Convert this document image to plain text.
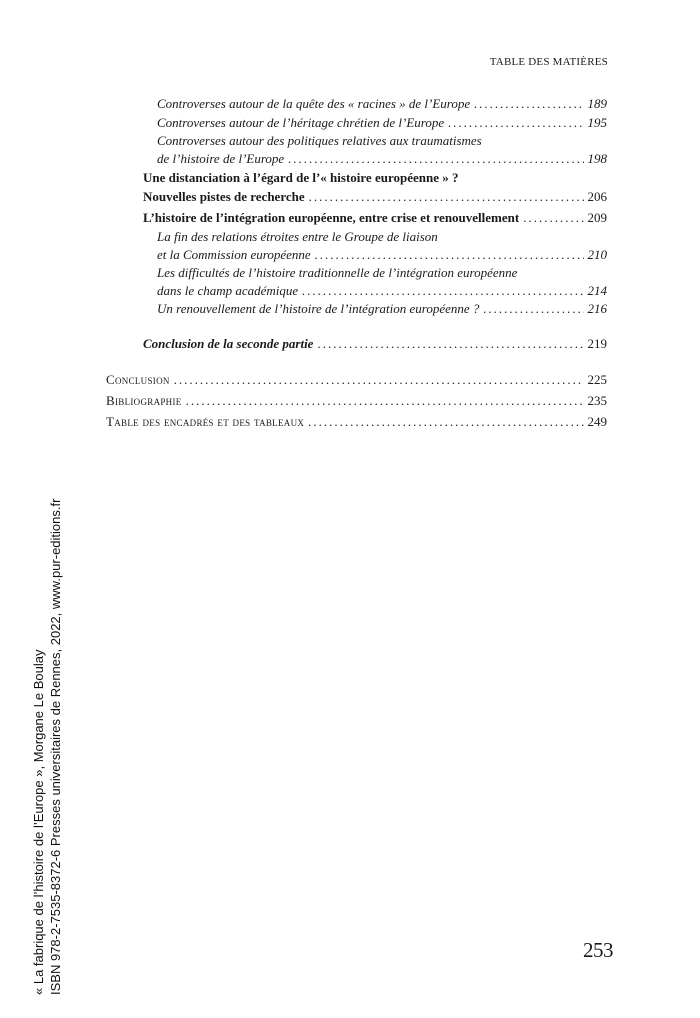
TABLE DES MATIÈRES
Controverses autour de la quête des « racines » de l’Europe .....	189
Controverses autour de l’héritage chrétien de l’Europe .....	195
Controverses autour des politiques relatives aux traumatismes
de l’histoire de l’Europe .....	198
Une distanciation à l’égard de l’« histoire européenne » ?
Nouvelles pistes de recherche .....	206
L’histoire de l’intégration européenne, entre crise et renouvellement .....	209
La fin des relations étroites entre le Groupe de liaison
et la Commission européenne .....	210
Les difficultés de l’histoire traditionnelle de l’intégration européenne
dans le champ académique .....	214
Un renouvellement de l’histoire de l’intégration européenne ? .....	216
Conclusion de la seconde partie .....	219
Conclusion .....	225
Bibliographie .....	235
Table des encadrés et des tableaux .....	249
253
« La fabrique de l’histoire de l’Europe », Morgane Le Boulay ISBN 978-2-7535-8372-6 Presses universitaires de Rennes, 2022, www.pur-editions.fr
